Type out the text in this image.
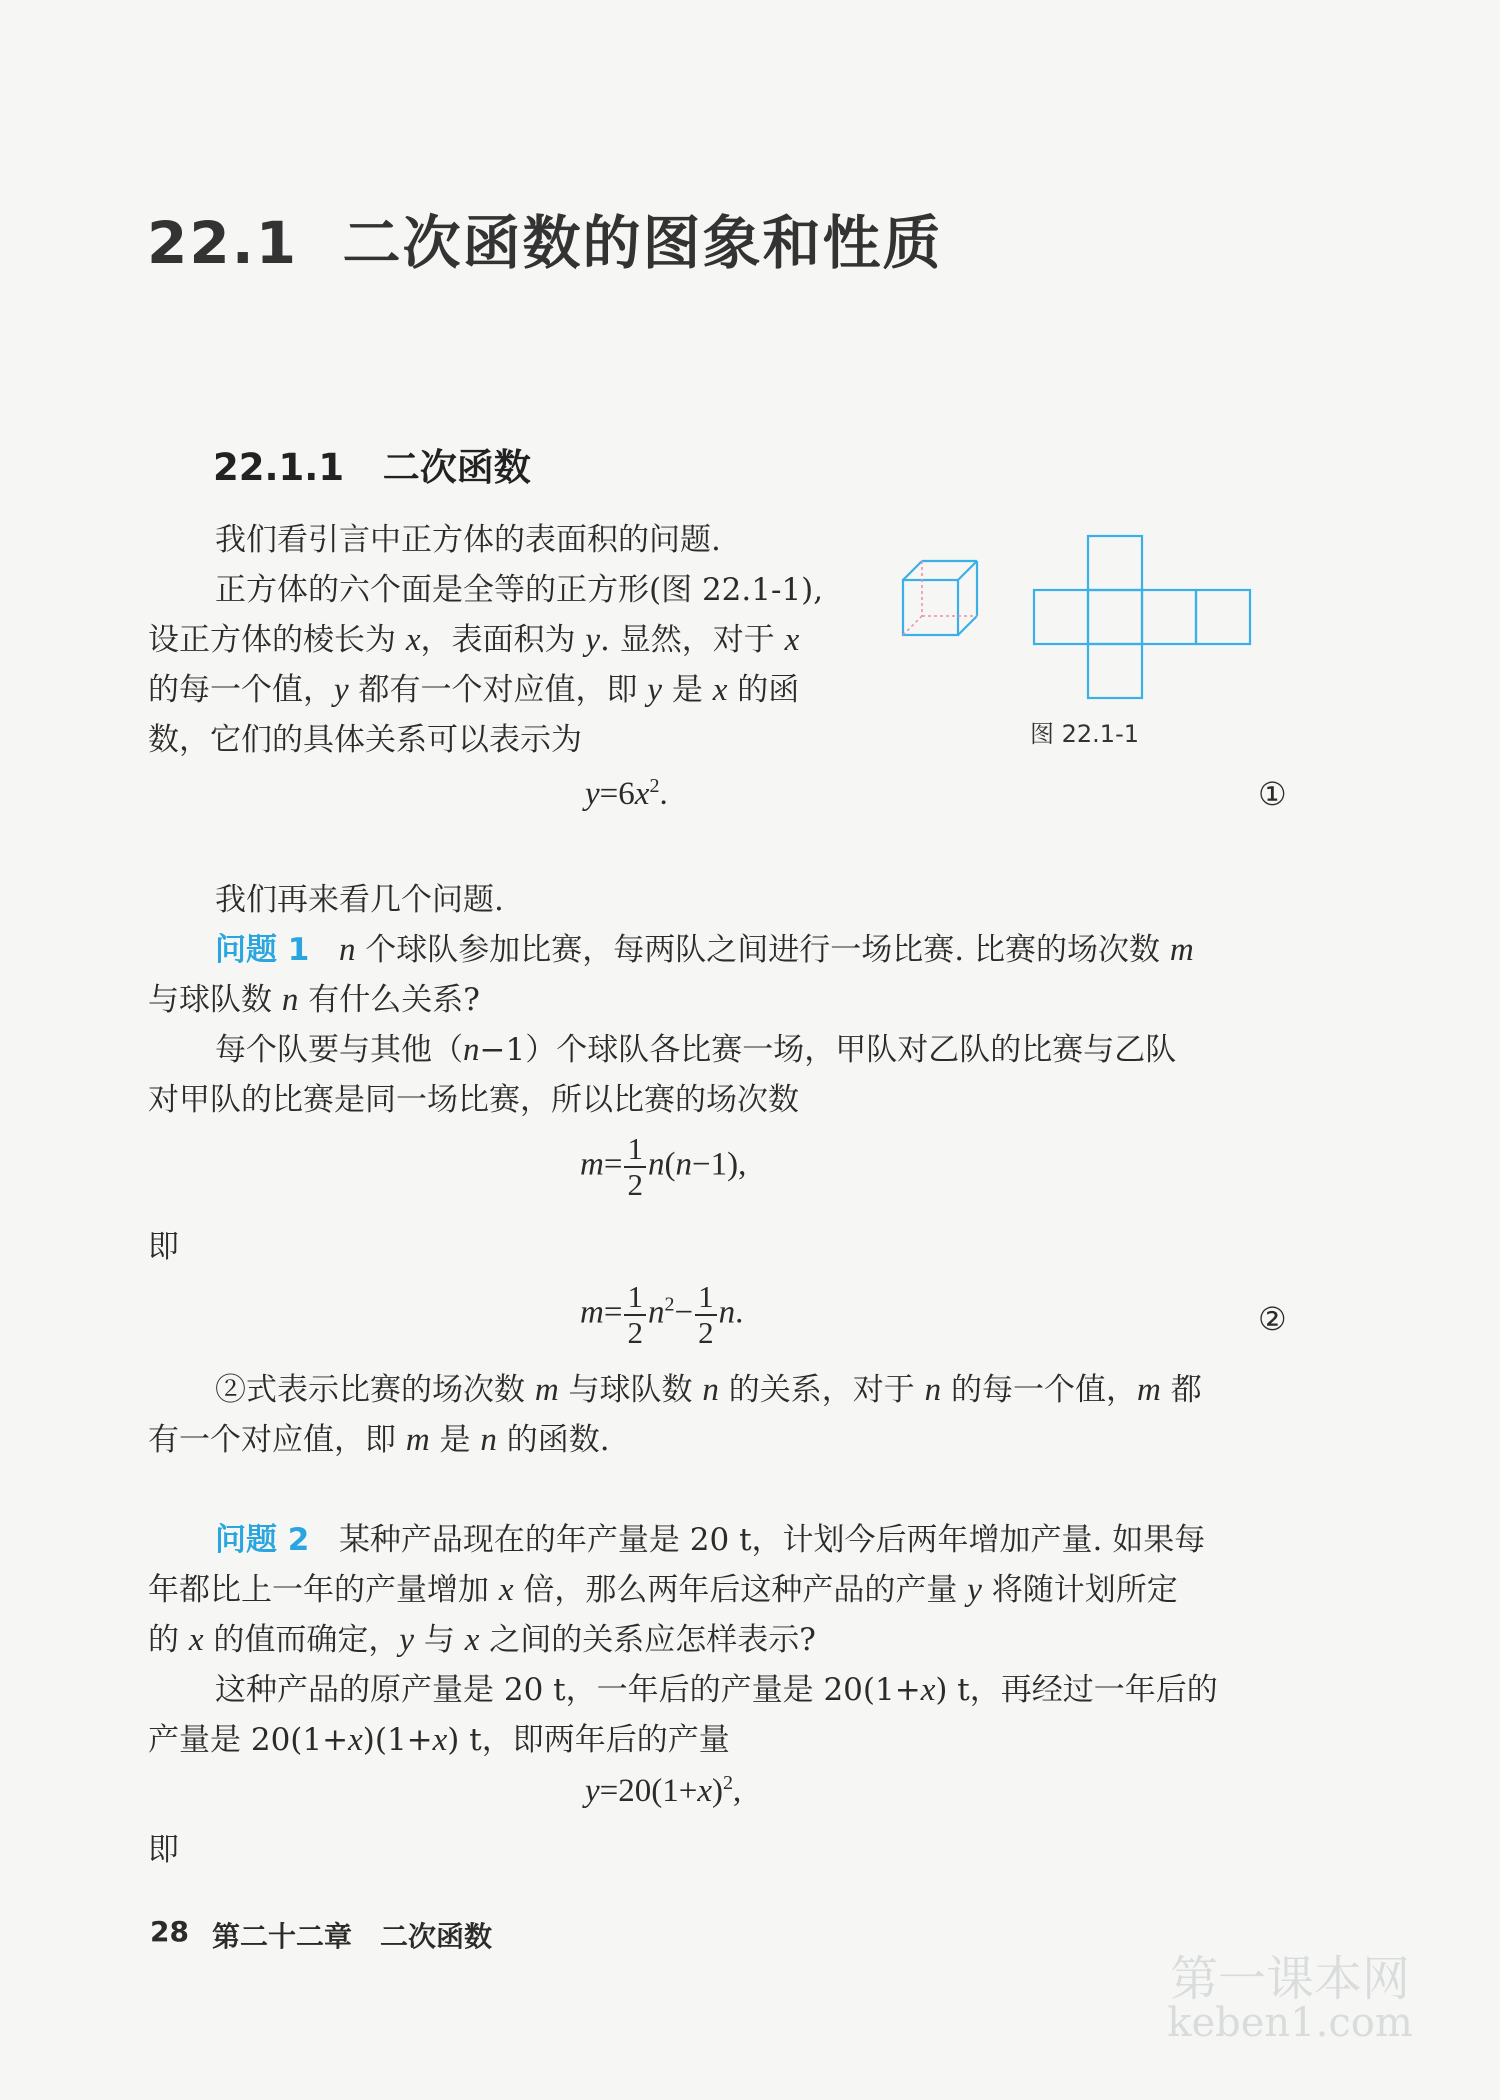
22.1 二次函数的图象和性质
22.1.1 二次函数
我们看引言中正方体的表面积的问题.
正方体的六个面是全等的正方形(图 22.1-1),
设正方体的棱长为 x，表面积为 y. 显然，对于 x
的每一个值，y 都有一个对应值，即 y 是 x 的函
数，它们的具体关系可以表示为	图 22.1-1
$y=6x^2$.	①
我们再来看几个问题.
问题 1 n 个球队参加比赛，每两队之间进行一场比赛. 比赛的场次数 m
与球队数 n 有什么关系?
每个队要与其他（n−1）个球队各比赛一场，甲队对乙队的比赛与乙队
对甲队的比赛是同一场比赛，所以比赛的场次数
$m= \frac{1}{2} n(n-1)$,
即
$m= \frac{1}{2} n^2- \frac{1}{2} n$.	②
②式表示比赛的场次数 m 与球队数 n 的关系，对于 n 的每一个值，m 都
有一个对应值，即 m 是 n 的函数.
问题 2 某种产品现在的年产量是 20 t，计划今后两年增加产量. 如果每
年都比上一年的产量增加 x 倍，那么两年后这种产品的产量 y 将随计划所定
的 x 的值而确定，y 与 x 之间的关系应怎样表示?
这种产品的原产量是 20 t，一年后的产量是 20(1+x) t，再经过一年后的
产量是 20(1+x)(1+x) t，即两年后的产量
$y=20(1+x)^2$,
即
28 第二十二章　二次函数
第一课本网
keben1.com
